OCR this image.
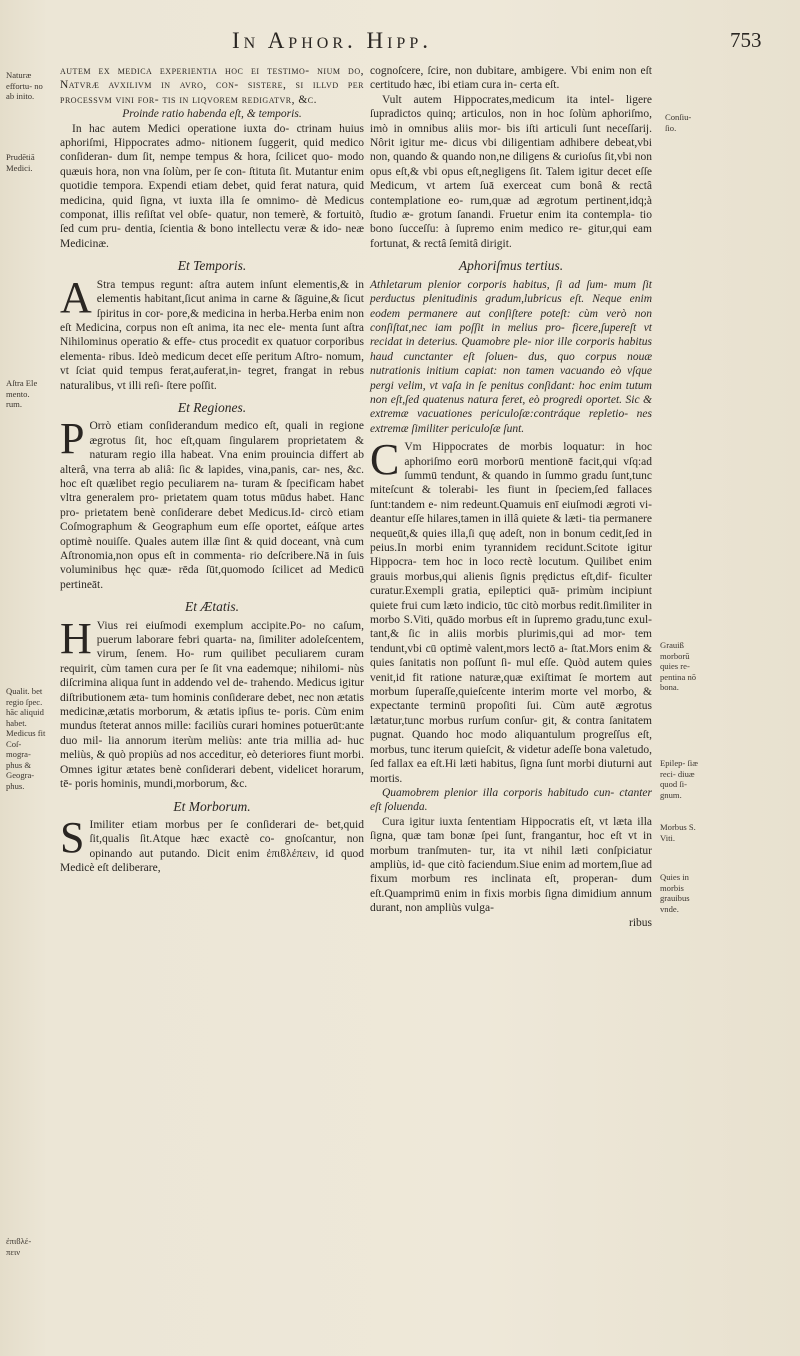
In Aphor. Hipp.	753
Naturæ effortu- no ab inito.
Prudētiā Medici.
Aſtra Ele mento. rum.
Qualit. bet regio ſpec. hāc aliquid habet. Medicus fit Coſ- mogra- phus & Geogra- phus.
ἐπιϐλέ- πειν
Conſiu- ſio.
Grauiß morborū quies re- pentina nō bona.
Epilep- ſiæ reci- diuæ quod ſi- gnum.
Morbus S. Viti.
Quies in morbis grauibus vnde.

autem ex medica experientia hoc ei teſtimo- nium do, Natvræ avxilivm in avro, con- sistere, si illvd per processvm vini for- tis in liqvorem redigatvr, &c.

Proinde ratio habenda eſt, & temporis.

In hac autem Medici operatione iuxta do- ctrinam huius aphoriſmi, Hippocrates admo- nitionem ſuggerit, quid medico conſideran- dum ſit, nempe tempus & hora, ſcilicet quo- modo quæuis hora, non vna ſolùm, per ſe con- ſtituta ſit. Mutantur enim quotidie tempora. Expendi etiam debet, quid ferat natura, quid medicina, quid ſigna, vt iuxta illa ſe omnimo- dè Medicus componat, illis reſiſtat vel obſe- quatur, non temerè, & fortuitò, ſed cum pru- dentia, ſcientia & bono intellectu veræ & ido- neæ Medicinæ.

Et Temporis.

A Stra tempus regunt: aſtra autem inſunt elementis,& in elementis habitant,ſicut anima in carne & ſāguine,& ſicut ſpiritus in cor- pore,& medicina in herba.Herba enim non eſt Medicina, corpus non eſt anima, ita nec ele- menta ſunt aſtra Nihilominus operatio & effe- ctus procedit ex quatuor corporibus elementa- ribus. Ideò medicum decet eſſe peritum Aſtro- nomum, vt ſciat quid tempus ferat,auferat,in- tegret, frangat in rebus naturalibus, vt illi reſi- ſtere poſſit.

Et Regiones.

P Orrò etiam conſiderandum medico eſt, quali in regione ægrotus ſit, hoc eſt,quam ſingularem proprietatem & naturam regio illa habeat. Vna enim prouincia differt ab alterâ, vna terra ab aliâ: ſic & lapides, vina,panis, car- nes, &c. hoc eſt quælibet regio peculiarem na- turam & ſpecificam habet vltra generalem pro- prietatem quam totus mūdus habet. Hanc pro- prietatem benè conſiderare debet Medicus.Id- circò etiam Coſmographum & Geographum eum eſſe oportet, eáſque artes optimè nouiſſe. Quales autem illæ ſint & quid doceant, vnà cum Aſtronomia,non opus eſt in commenta- rio deſcribere.Nā in ſuis voluminibus hęc quæ- rēda ſūt,quomodo ſcilicet ad Medicū pertineāt.

Et Ætatis.

H Vius rei eiuſmodi exemplum accipite.Po- no caſum, puerum laborare febri quarta- na, ſimiliter adoleſcentem, virum, ſenem. Ho- rum quilibet peculiarem curam requirit, cùm tamen cura per ſe ſit vna eademque; nihilomi- nùs diſcrimina aliqua ſunt in addendo vel de- trahendo. Medicus igitur diſtributionem æta- tum hominis conſiderare debet, nec non ætatis medicinæ,ætatis morborum, & ætatis ipſius te- poris. Cùm enim mundus ſteterat annos mille: faciliùs curari homines potuerūt:ante duo mil- lia annorum iterùm meliùs: ante tria millia ad- huc meliùs, & quò propiùs ad nos acceditur, eò deteriores fiunt morbi. Omnes igitur ætates benè conſiderari debent, videlicet horarum, tē- poris hominis, mundi,morborum, &c.

Et Morborum.

S Imiliter etiam morbus per ſe conſiderari de- bet,quid ſit,qualis ſit.Atque hæc exactè co- gnoſcantur, non opinando aut putando. Dicit enim ἐπιϐλέπειν, id quod Medicè eſt deliberare,

cognoſcere, ſcire, non dubitare, ambigere. Vbi enim non eſt certitudo hæc, ibi etiam cura in- certa eſt.

Vult autem Hippocrates,medicum ita intel- ligere ſupradictos quinq; articulos, non in hoc ſolùm aphoriſmo, imò in omnibus aliis mor- bis iſti articuli ſunt neceſſarij. Nôrit igitur me- dicus vbi diligentiam adhibere debeat,vbi non, quando & quando non,ne diligens & curioſus ſit,vbi non opus eſt,& vbi opus eſt,negligens ſit. Talem igitur decet eſſe Medicum, vt artem ſuā exerceat cum bonâ & rectâ contemplatione eo- rum,quæ ad ægrotum pertinent,idq;à ſtudio æ- grotum ſanandi. Fruetur enim ita contempla- tio bono ſucceſſu: à ſupremo enim medico re- gitur,qui eam fortunat, & rectâ ſemitâ dirigit.

Aphoriſmus tertius.

Athletarum plenior corporis habitus, ſi ad ſum- mum ſit perductus plenitudinis gradum,lubricus eſt. Neque enim eodem permanere aut conſiſtere poteſt: cùm verò non conſiſtat,nec iam poſſit in melius pro- ficere,ſupereſt vt recidat in deterius. Quamobre ple- nior ille corporis habitus haud cunctanter eſt ſoluen- dus, quo corpus nouæ nutrationis initium capiat: non tamen vacuando eò vſque pergi velim, vt vaſa in ſe penitus conſidant: hoc enim tutum non eſt,ſed quatenus natura feret, eò progredi oportet. Sic & extremæ vacuationes periculoſæ:contráque repletio- nes extremæ ſimiliter periculoſæ ſunt.

C Vm Hippocrates de morbis loquatur: in hoc aphoriſmo eorū morborū mentionē facit,qui vſq:ad ſummū tendunt, & quando in ſummo gradu ſunt,tunc miteſcunt & tolerabi- les fiunt in ſpeciem,ſed fallaces ſunt:tandem e- nim redeunt.Quamuis enī eiuſmodi ægroti vi- deantur eſſe hilares,tamen in illâ quiete & læti- tia permanere nequeūt,& quies illa,ſi quę adeſt, non in bonum cedit,ſed in peius.In morbi enim tyrannidem recidunt.Scitote igitur Hippocra- tem hoc in loco rectè locutum. Quilibet enim grauis morbus,qui alienis ſignis prędictus eſt,dif- ficulter curatur.Exempli gratia, epileptici quā- primùm incipiunt quiete frui cum læto indicio, tūc citò morbus redit.ſimiliter in morbo S.Viti, quādo morbus eſt in ſupremo gradu,tunc exul- tant,& ſic in aliis morbis plurimis,qui ad mor- tem tendunt,vbi cū optimè valent,mors lectō a- ſtat.Mors enim & quies ſanitatis non poſſunt ſi- mul eſſe. Quòd autem quies venit,id fit ratione naturæ,quæ exiſtimat ſe mortem aut morbum ſuperaſſe,quieſcente interim morte vel morbo, & expectante terminū propoſiti ſui. Cùm autē ægrotus lætatur,tunc morbus rurſum conſur- git, & contra ſanitatem pugnat. Quando hoc modo aliquantulum progreſſus eſt, morbus, tunc iterum quieſcit, & videtur adeſſe bona valetudo, ſed fallax ea eſt.Hi læti habitus, ſigna ſunt morbi diuturni aut mortis.

Quamobrem plenior illa corporis habitudo cun- ctanter eſt ſoluenda.

Cura igitur iuxta ſententiam Hippocratis eſt, vt læta illa ſigna, quæ tam bonæ ſpei ſunt, frangantur, hoc eſt vt in morbum tranſmuten- tur, ita vt nihil læti conſpiciatur ampliùs, id- que citò faciendum.Siue enim ad mortem,ſiue ad fixum morbum res inclinata eſt, properan- dum eſt.Quamprimū enim in fixis morbis ſigna dimidium annum durant, non ampliùs vulga-

ribus
